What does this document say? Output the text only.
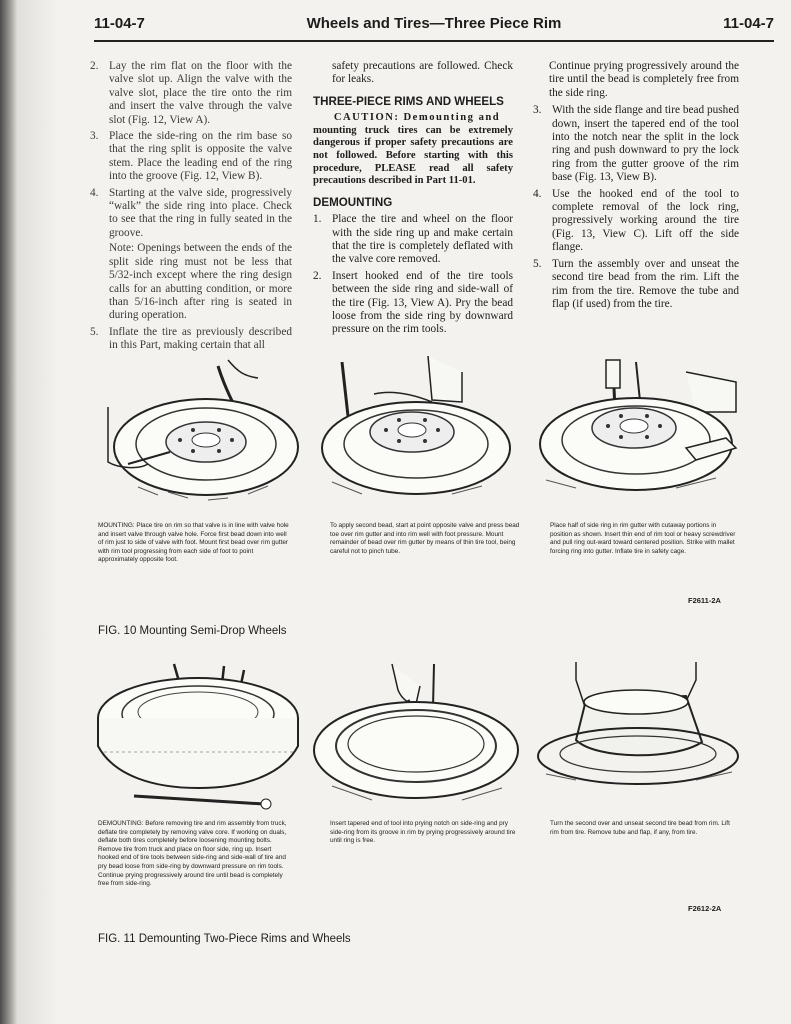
11-04-7	Wheels and Tires—Three Piece Rim	11-04-7
2. Lay the rim flat on the floor with the valve slot up. Align the valve with the valve slot, place the tire onto the rim and insert the valve through the valve slot (Fig. 12, View A).
3. Place the side-ring on the rim base so that the ring split is opposite the valve stem. Place the leading end of the ring into the groove (Fig. 12, View B).
4. Starting at the valve side, progressively “walk” the side ring into place. Check to see that the ring in fully seated in the groove.
Note: Openings between the ends of the split side ring must not be less that 5/32-inch except where the ring design calls for an abutting condition, or more than 5/16-inch after ring is seated in during operation.
5. Inflate the tire as previously described in this Part, making certain that all

safety precautions are followed. Check for leaks.

THREE-PIECE RIMS AND WHEELS
CAUTION: Demounting and
mounting truck tires can be extremely dangerous if proper safety precautions are not followed. Before starting with this procedure, PLEASE read all safety precautions described in Part 11-01.
DEMOUNTING
1. Place the tire and wheel on the floor with the side ring up and make certain that the tire is completely deflated with the valve core removed.
2. Insert hooked end of the tire tools between the side ring and side-wall of the tire (Fig. 13, View A). Pry the bead loose from the side ring by downward pressure on the rim tools.

Continue prying progressively around the tire until the bead is completely free from the side ring.

3. With the side flange and tire bead pushed down, insert the tapered end of the tool into the notch near the split in the lock ring and push downward to pry the lock ring from the gutter groove of the rim base (Fig. 13, View B).
4. Use the hooked end of the tool to complete removal of the lock ring, progressively working around the tire (Fig. 13, View C). Lift off the side flange.
5. Turn the assembly over and unseat the second tire bead from the rim. Lift the rim from the tire. Remove the tube and flap (if used) from the tire.
MOUNTING: Place tire on rim so that valve is in line with valve hole and insert valve through valve hole. Force first bead down into well of rim just to side of valve with foot. Mount first bead over rim gutter with rim tool progressing from each side of foot to point approximately opposite foot.
To apply second bead, start at point opposite valve and press bead toe over rim gutter and into rim well with foot pressure. Mount remainder of bead over rim gutter by means of thin tire tool, being careful not to pinch tube.
Place half of side ring in rim gutter with cutaway portions in position as shown. Insert thin end of rim tool or heavy screwdriver and pull ring out-ward toward centered position. Strike with mallet forcing ring into gutter. Inflate tire in safety cage.
F2611-2A
FIG. 10 Mounting Semi-Drop Wheels
DEMOUNTING: Before removing tire and rim assembly from truck, deflate tire completely by removing valve core. If working on duals, deflate both tires completely before loosening mounting bolts. Remove tire from truck and place on floor side, ring up. Insert hooked end of tire tools between side-ring and side-wall of tire and pry bead loose from side-ring by downward pressure on rim tools. Continue prying progressively around tire until bead is completely free from side-ring.
Insert tapered end of tool into prying notch on side-ring and pry side-ring from its groove in rim by prying progressively around tire until ring is free.
Turn the second over and unseat second tire bead from rim. Lift rim from tire. Remove tube and flap, if any, from tire.
F2612-2A
FIG. 11 Demounting Two-Piece Rims and Wheels
